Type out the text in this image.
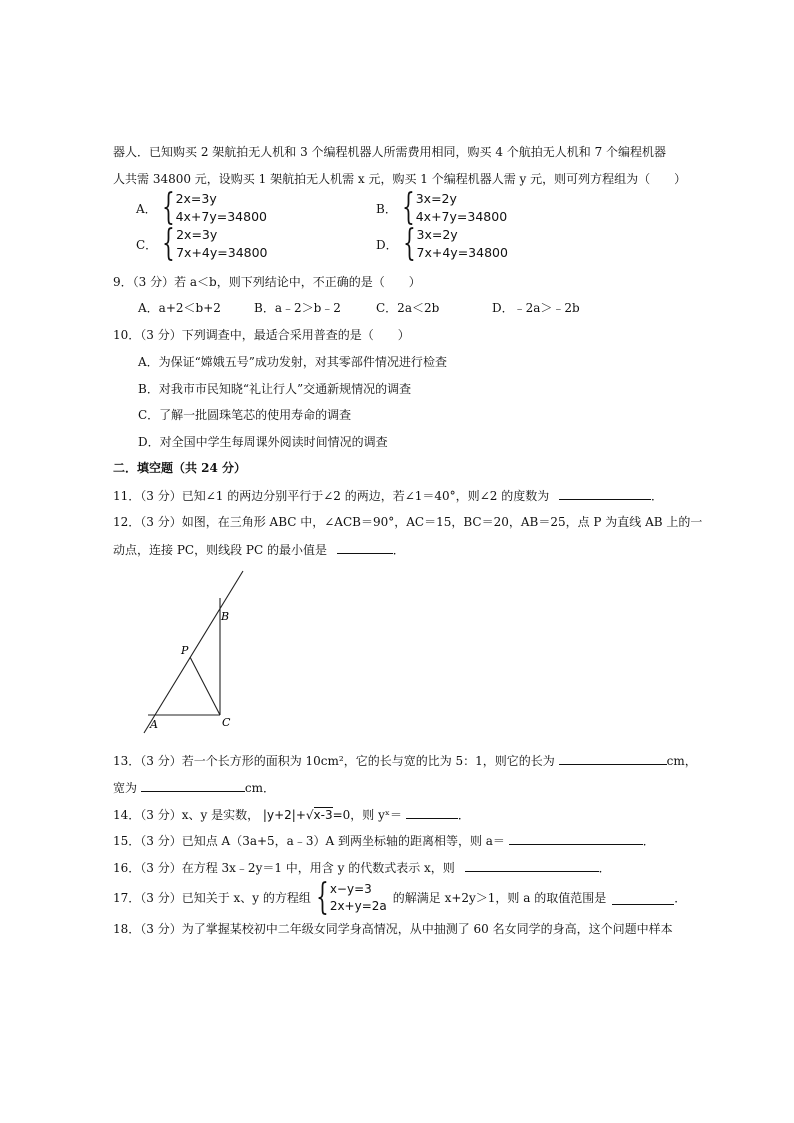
器人．已知购买 2 架航拍无人机和 3 个编程机器人所需费用相同，购买 4 个航拍无人机和 7 个编程机器
人共需 34800 元，设购买 1 架航拍无人机需 x 元，购买 1 个编程机器人需 y 元，则可列方程组为（　　）
A． { 2x=3y
4x+7y=34800
B． { 3x=2y
4x+7y=34800
C． { 2x=3y
7x+4y=34800
D． { 3x=2y
7x+4y=34800
9．（3 分）若 a＜b，则下列结论中，不正确的是（　　）
A．a+2＜b+2	B．a﹣2＞b﹣2	C．2a＜2b	D．﹣2a＞﹣2b
10．（3 分）下列调查中，最适合采用普查的是（　　）
A．为保证“嫦娥五号”成功发射，对其零部件情况进行检查
B．对我市市民知晓“礼让行人”交通新规情况的调查
C．了解一批圆珠笔芯的使用寿命的调查
D．对全国中学生每周课外阅读时间情况的调查
二．填空题（共 24 分）
11．（3 分）已知∠1 的两边分别平行于∠2 的两边，若∠1＝40°，则∠2 的度数为	．
12．（3 分）如图，在三角形 ABC 中，∠ACB＝90°，AC＝15，BC＝20，AB＝25，点 P 为直线 AB 上的一
动点，连接 PC，则线段 PC 的最小值是	．
B
P
A	C
13．（3 分）若一个长方形的面积为 10cm²，它的长与宽的比为 5：1，则它的长为	cm，
宽为	cm．
14．（3 分）x、y 是实数， |y+2|+√x-3=0，则 yˣ＝	．
15．（3 分）已知点 A（3a+5，a﹣3）A 到两坐标轴的距离相等，则 a＝	．
16．（3 分）在方程 3x﹣2y＝1 中，用含 y 的代数式表示 x，则	．
17．（3 分）已知关于 x、y 的方程组 { x−y=3
2x+y=2a
的解满足 x+2y＞1，则 a 的取值范围是	．
18．（3 分）为了掌握某校初中二年级女同学身高情况，从中抽测了 60 名女同学的身高，这个问题中样本
